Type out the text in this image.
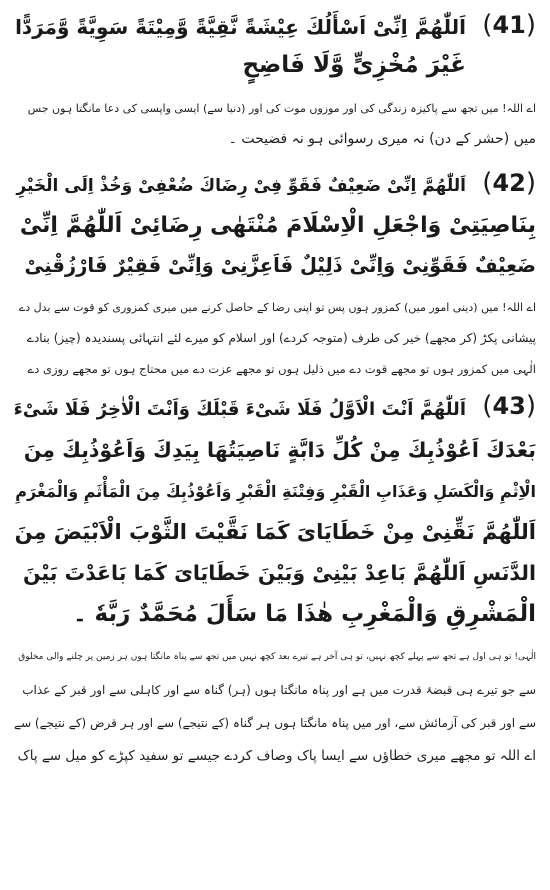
(41)
اَللّٰهُمَّ اِنِّیْ اَسْأَلُكَ عِیْشَةً نَّقِیَّةً وَّمِیْتَةً سَوِیَّةً وَّمَرَدًّا
غَیْرَ مُخْزِیٍّ وَّلَا فَاضِحٍ
اے اللہ! میں تجھ سے پاکیزہ زندگی کی اور موزوں موت کی اور (دنیا سے) ایسی واپسی کی دعا مانگتا ہوں جس
میں (حشر کے دن) نہ میری رسوائی ہو نہ فضیحت ۔
(42)
اَللّٰهُمَّ اِنِّیْ ضَعِیْفٌ فَقَوِّ فِیْ رِضَاكَ ضُعْفِیْ وَخُذْ اِلَى الْخَیْرِ
بِنَاصِیَتِیْ وَاجْعَلِ الْاِسْلَامَ مُنْتَهٰى رِضَائِیْ اَللّٰهُمَّ اِنِّیْ
ضَعِیْفٌ فَقَوِّنِیْ وَاِنِّیْ ذَلِیْلٌ فَاَعِزَّنِیْ وَاِنِّیْ فَقِیْرٌ فَارْزُقْنِیْ
اے اللہ! میں (دینی امور میں) کمزور ہوں پس تو اپنی رضا کے حاصل کرنے میں میری کمزوری کو قوت سے بدل دے
پیشانی پکڑ (کر مجھے) خیر کی طرف (متوجہ کردے) اور اسلام کو میرے لئے انتہائی پسندیدہ (چیز) بنادے
الٰہی میں کمزور ہوں تو مجھے قوت دے میں ذلیل ہوں تو مجھے عزت دے میں محتاج ہوں تو مجھے روزی دے
(43)
اَللّٰهُمَّ اَنْتَ الْاَوَّلُ فَلَا شَیْءَ قَبْلَكَ وَاَنْتَ الْاٰخِرُ فَلَا شَیْءَ
بَعْدَكَ اَعُوْذُبِكَ مِنْ كُلِّ دَابَّةٍ نَاصِیَتُهَا بِیَدِكَ وَاَعُوْذُبِكَ مِنَ
الْاِثْمِ وَالْكَسَلِ وَعَذَابِ الْقَبْرِ وَفِتْنَةِ الْقَبْرِ وَاَعُوْذُبِكَ مِنَ الْمَأْثَمِ وَالْمَغْرَمِ
اَللّٰهُمَّ نَقِّنِیْ مِنْ خَطَایَایَ كَمَا نَقَّیْتَ الثَّوْبَ الْاَبْیَضَ مِنَ
الدَّنَسِ اَللّٰهُمَّ بَاعِدْ بَیْنِیْ وَبَیْنَ خَطَایَایَ كَمَا بَاعَدْتَ بَیْنَ
الْمَشْرِقِ وَالْمَغْرِبِ هٰذَا مَا سَأَلَ مُحَمَّدٌ رَبَّهٗ ۔
الٰہی! تو ہی اول ہے تجھ سے پہلے کچھ نہیں، تو ہی آخر ہے تیرے بعد کچھ نہیں میں تجھ سے پناہ مانگتا ہوں ہر زمین پر چلنے والی مخلوق
سے جو تیرے ہی قبضۂ قدرت میں ہے اور پناہ مانگتا ہوں (ہر) گناہ سے اور کاہلی سے اور قبر کے عذاب
سے اور قبر کی آزمائش سے، اور میں پناہ مانگتا ہوں ہر گناہ (کے نتیجے) سے اور ہر قرض (کے نتیجے) سے
اے اللہ تو مجھے میری خطاؤں سے ایسا پاک وصاف کردے جیسے تو سفید کپڑے کو میل سے پاک
